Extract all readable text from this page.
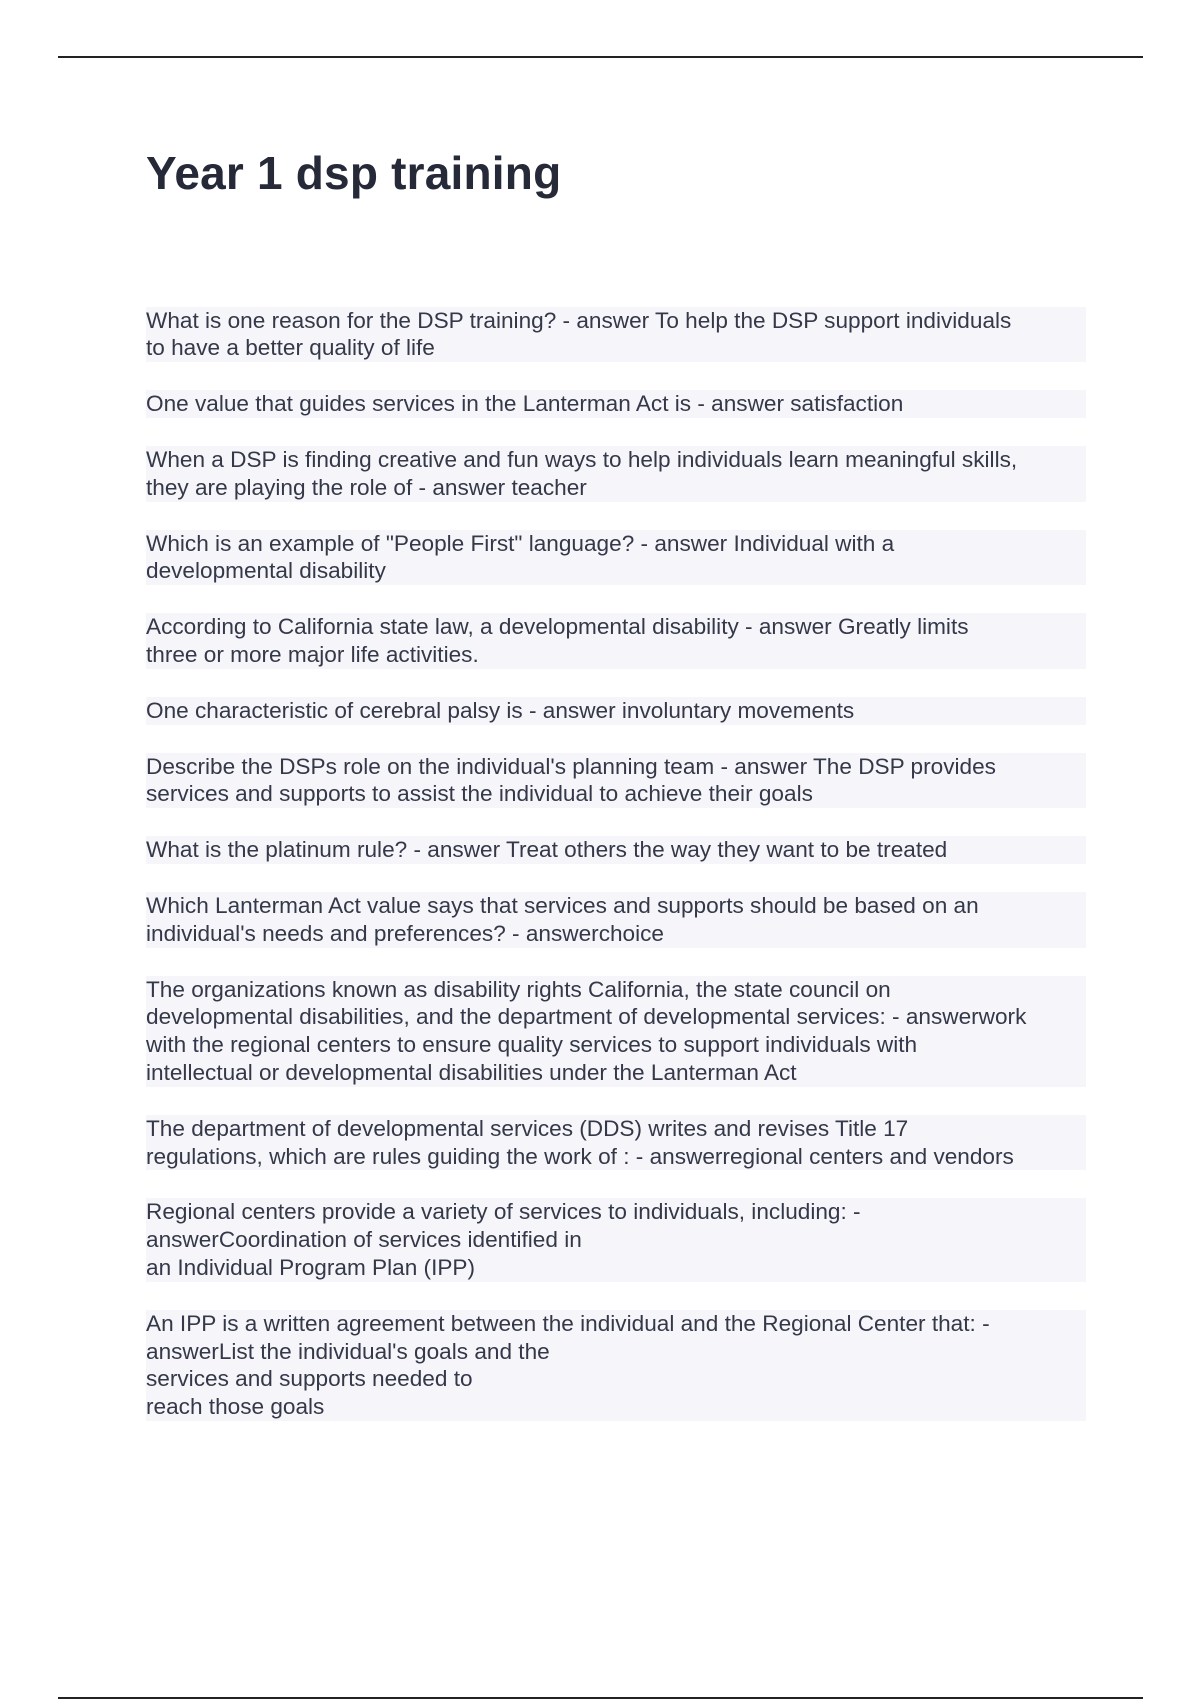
Year 1 dsp training

What is one reason for the DSP training? - answer To help the DSP support individuals
to have a better quality of life

One value that guides services in the Lanterman Act is - answer satisfaction

When a DSP is finding creative and fun ways to help individuals learn meaningful skills,
they are playing the role of - answer teacher

Which is an example of "People First" language? - answer Individual with a
developmental disability

According to California state law, a developmental disability - answer Greatly limits
three or more major life activities.

One characteristic of cerebral palsy is - answer involuntary movements

Describe the DSPs role on the individual's planning team - answer The DSP provides
services and supports to assist the individual to achieve their goals

What is the platinum rule? - answer Treat others the way they want to be treated

Which Lanterman Act value says that services and supports should be based on an
individual's needs and preferences? - answerchoice

The organizations known as disability rights California, the state council on
developmental disabilities, and the department of developmental services: - answerwork
with the regional centers to ensure quality services to support individuals with
intellectual or developmental disabilities under the Lanterman Act

The department of developmental services (DDS) writes and revises Title 17
regulations, which are rules guiding the work of : - answerregional centers and vendors

Regional centers provide a variety of services to individuals, including: -
answerCoordination of services identified in
an Individual Program Plan (IPP)

An IPP is a written agreement between the individual and the Regional Center that: -
answerList the individual's goals and the
services and supports needed to
reach those goals
